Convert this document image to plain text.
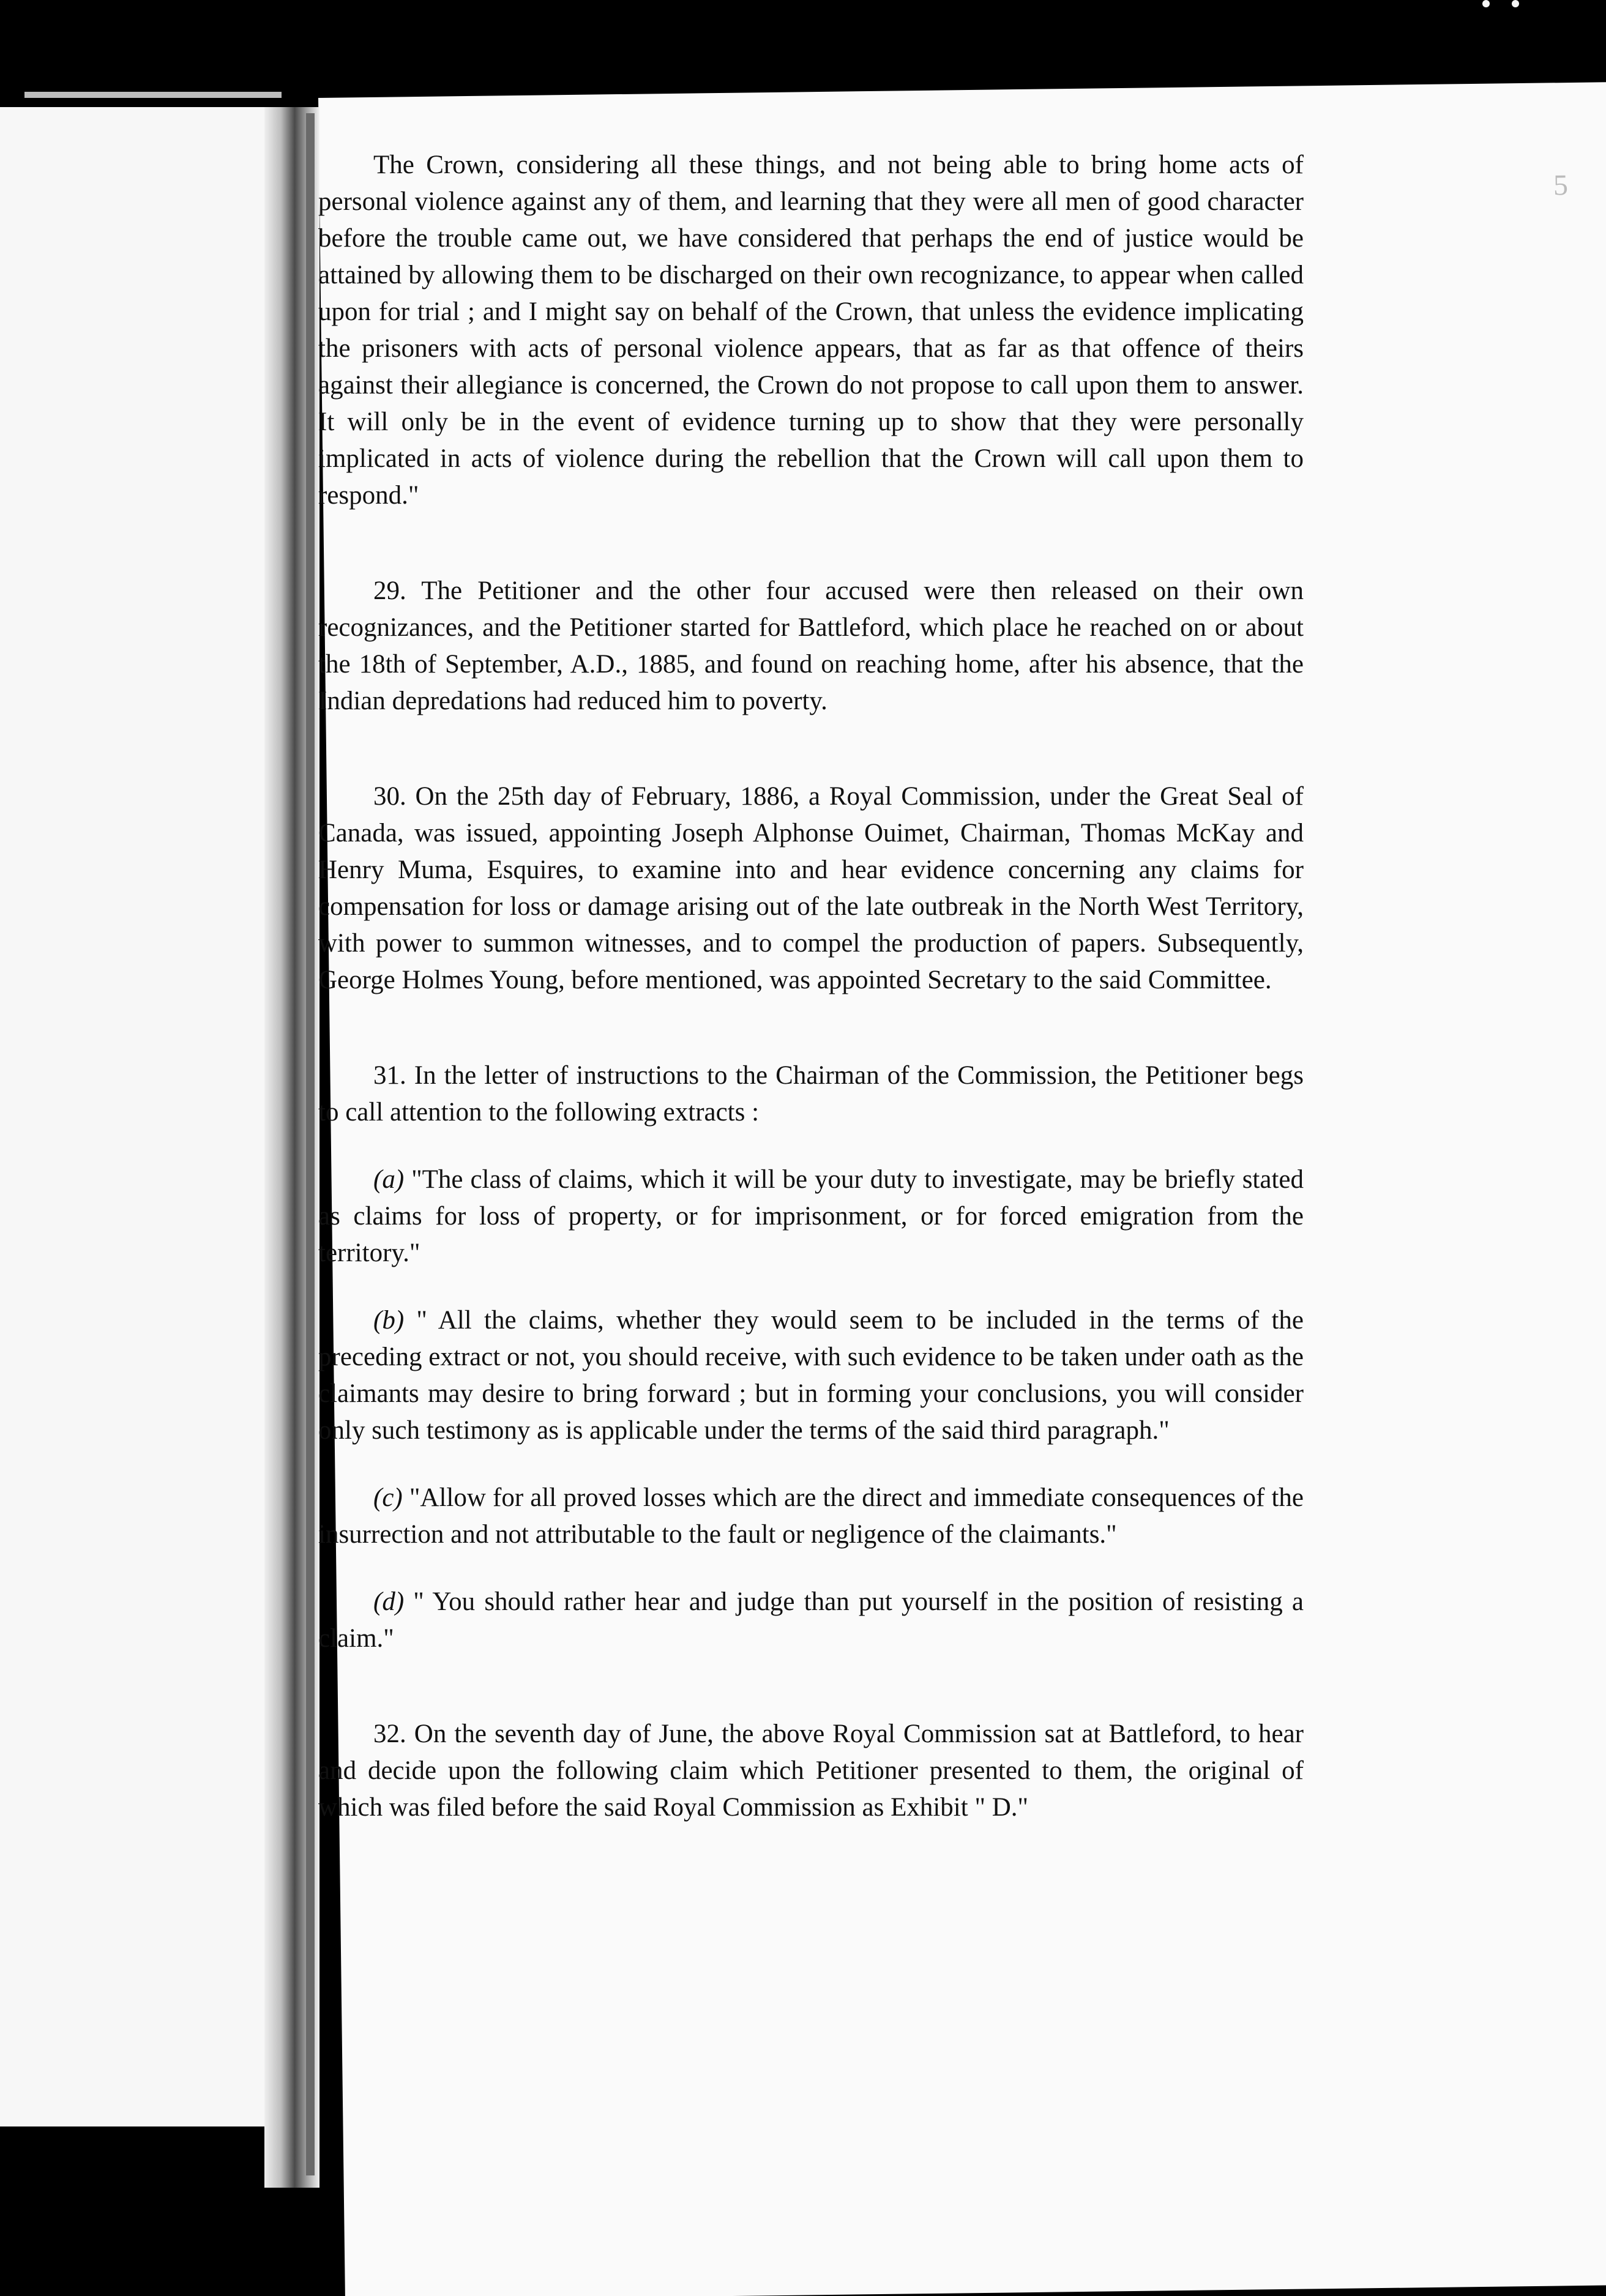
5

The Crown, considering all these things, and not being able to bring home acts of personal violence against any of them, and learning that they were all men of good character before the trouble came out, we have considered that perhaps the end of justice would be attained by allowing them to be discharged on their own recognizance, to appear when called upon for trial ; and I might say on behalf of the Crown, that unless the evidence implicating the prisoners with acts of personal violence appears, that as far as that offence of theirs against their allegiance is concerned, the Crown do not propose to call upon them to answer. It will only be in the event of evidence turning up to show that they were personally implicated in acts of violence during the rebellion that the Crown will call upon them to respond."

29. The Petitioner and the other four accused were then released on their own recognizances, and the Petitioner started for Battleford, which place he reached on or about the 18th of September, A.D., 1885, and found on reaching home, after his absence, that the Indian depredations had reduced him to poverty.

30. On the 25th day of February, 1886, a Royal Commission, under the Great Seal of Canada, was issued, appointing Joseph Alphonse Ouimet, Chairman, Thomas McKay and Henry Muma, Esquires, to examine into and hear evidence concerning any claims for compensation for loss or damage arising out of the late outbreak in the North West Territory, with power to summon witnesses, and to compel the production of papers. Subsequently, George Holmes Young, before mentioned, was appointed Secretary to the said Committee.

31. In the letter of instructions to the Chairman of the Commission, the Petitioner begs to call attention to the following extracts :

(a) "The class of claims, which it will be your duty to investigate, may be briefly stated as claims for loss of property, or for imprisonment, or for forced emigration from the territory."

(b) " All the claims, whether they would seem to be included in the terms of the preceding extract or not, you should receive, with such evidence to be taken under oath as the claimants may desire to bring forward ; but in forming your conclusions, you will consider only such testimony as is applicable under the terms of the said third paragraph."

(c) "Allow for all proved losses which are the direct and immediate consequences of the insurrection and not attributable to the fault or negligence of the claimants."

(d) " You should rather hear and judge than put yourself in the position of resisting a claim."

32. On the seventh day of June, the above Royal Commission sat at Battleford, to hear and decide upon the following claim which Petitioner presented to them, the original of which was filed before the said Royal Commission as Exhibit " D."
